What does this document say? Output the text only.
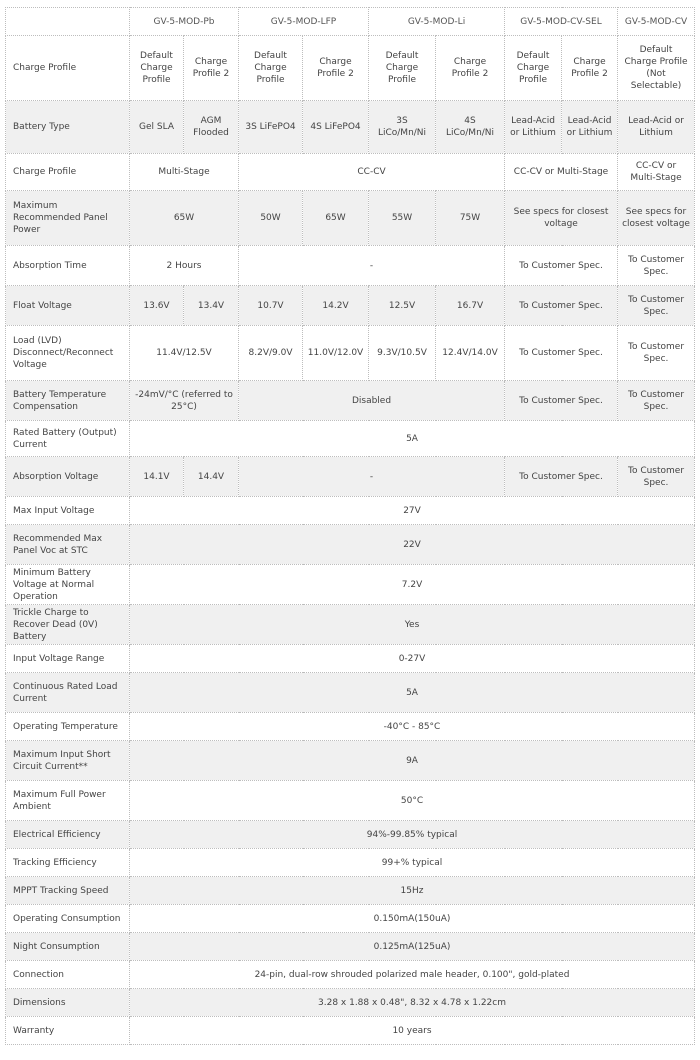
	GV-5-MOD-Pb		GV-5-MOD-LFP		GV-5-MOD-Li		GV-5-MOD-CV-SEL		GV-5-MOD-CV
Charge Profile	Default Charge Profile	Charge Profile 2	Default Charge Profile	Charge Profile 2	Default Charge Profile	Charge Profile 2	Default Charge Profile	Charge Profile 2	Default Charge Profile (Not Selectable)
Battery Type	Gel SLA	AGM Flooded	3S LiFePO4	4S LiFePO4	3S LiCo/Mn/Ni	4S LiCo/Mn/Ni	Lead-Acid or Lithium	Lead-Acid or Lithium	Lead-Acid or Lithium
Charge Profile	Multi-Stage		CC-CV				CC-CV or Multi-Stage		CC-CV or Multi-Stage
Maximum Recommended Panel Power	65W		50W	65W	55W	75W	See specs for closest voltage		See specs for closest voltage
Absorption Time	2 Hours		-				To Customer Spec.		To Customer Spec.
Float Voltage	13.6V	13.4V	10.7V	14.2V	12.5V	16.7V	To Customer Spec.		To Customer Spec.
Load (LVD) Disconnect/Reconnect Voltage	11.4V/12.5V		8.2V/9.0V	11.0V/12.0V	9.3V/10.5V	12.4V/14.0V	To Customer Spec.		To Customer Spec.
Battery Temperature Compensation	-24mV/°C (referred to 25°C)		Disabled				To Customer Spec.		To Customer Spec.
Rated Battery (Output) Current	5A								
Absorption Voltage	14.1V	14.4V	-				To Customer Spec.		To Customer Spec.
Max Input Voltage	27V								
Recommended Max Panel Voc at STC	22V								
Minimum Battery Voltage at Normal Operation	7.2V								
Trickle Charge to Recover Dead (0V) Battery	Yes								
Input Voltage Range	0-27V								
Continuous Rated Load Current	5A								
Operating Temperature	-40°C - 85°C								
Maximum Input Short Circuit Current**	9A								
Maximum Full Power Ambient	50°C								
Electrical Efficiency	94%-99.85% typical								
Tracking Efficiency	99+% typical								
MPPT Tracking Speed	15Hz								
Operating Consumption	0.150mA(150uA)								
Night Consumption	0.125mA(125uA)								
Connection	24-pin, dual-row shrouded polarized male header, 0.100", gold-plated								
Dimensions	3.28 x 1.88 x 0.48", 8.32 x 4.78 x 1.22cm								
Warranty	10 years								
